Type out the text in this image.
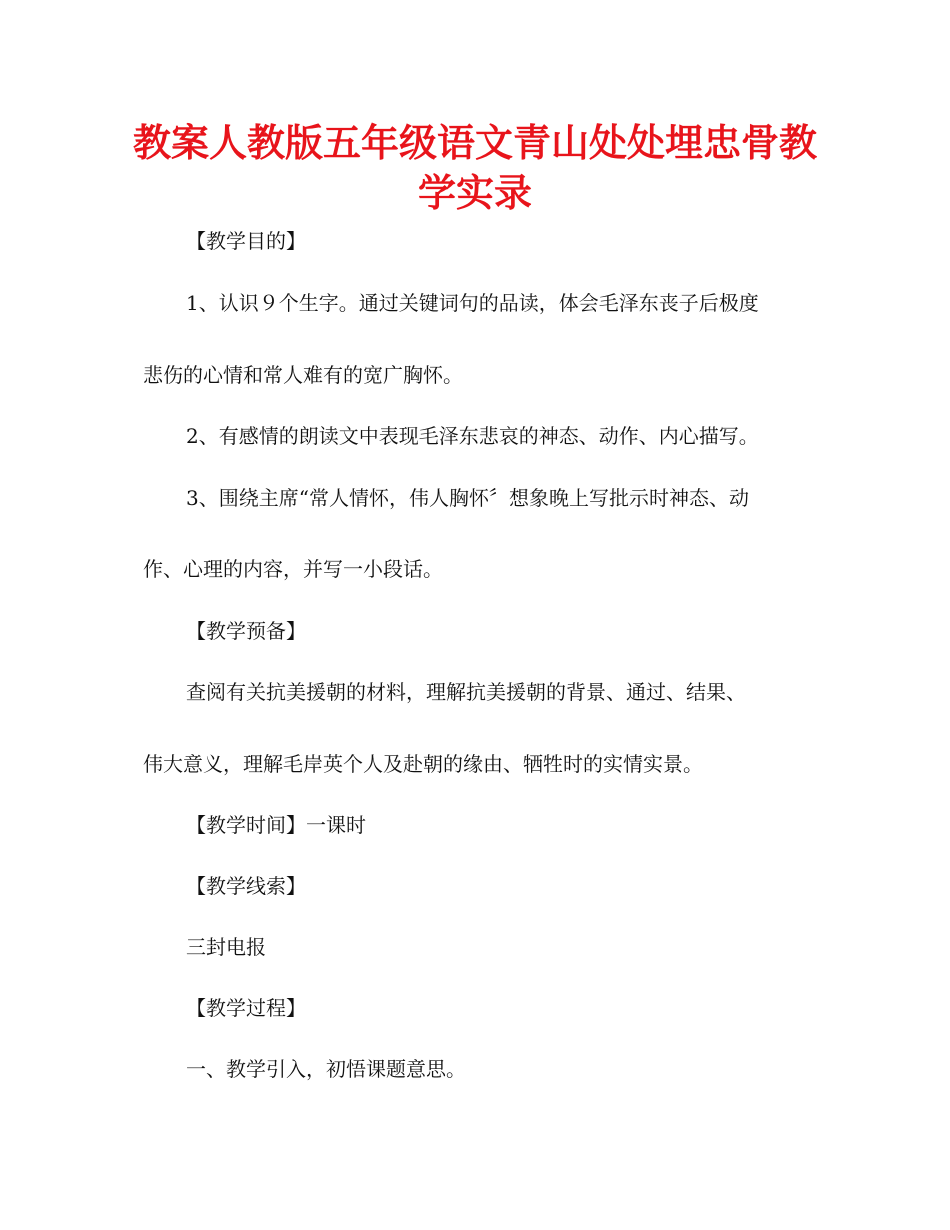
教案人教版五年级语文青山处处埋忠骨教
学实录

【教学目的】

1、认识９个生字。通过关键词句的品读，体会毛泽东丧子后极度

悲伤的心情和常人难有的宽广胸怀。

2、有感情的朗读文中表现毛泽东悲哀的神态、动作、内心描写。

3、围绕主席“常人情怀，伟人胸怀〞想象晚上写批示时神态、动

作、心理的内容，并写一小段话。

【教学预备】

查阅有关抗美援朝的材料，理解抗美援朝的背景、通过、结果、

伟大意义，理解毛岸英个人及赴朝的缘由、牺牲时的实情实景。

【教学时间】一课时

【教学线索】

三封电报

【教学过程】

一、教学引入，初悟课题意思。
